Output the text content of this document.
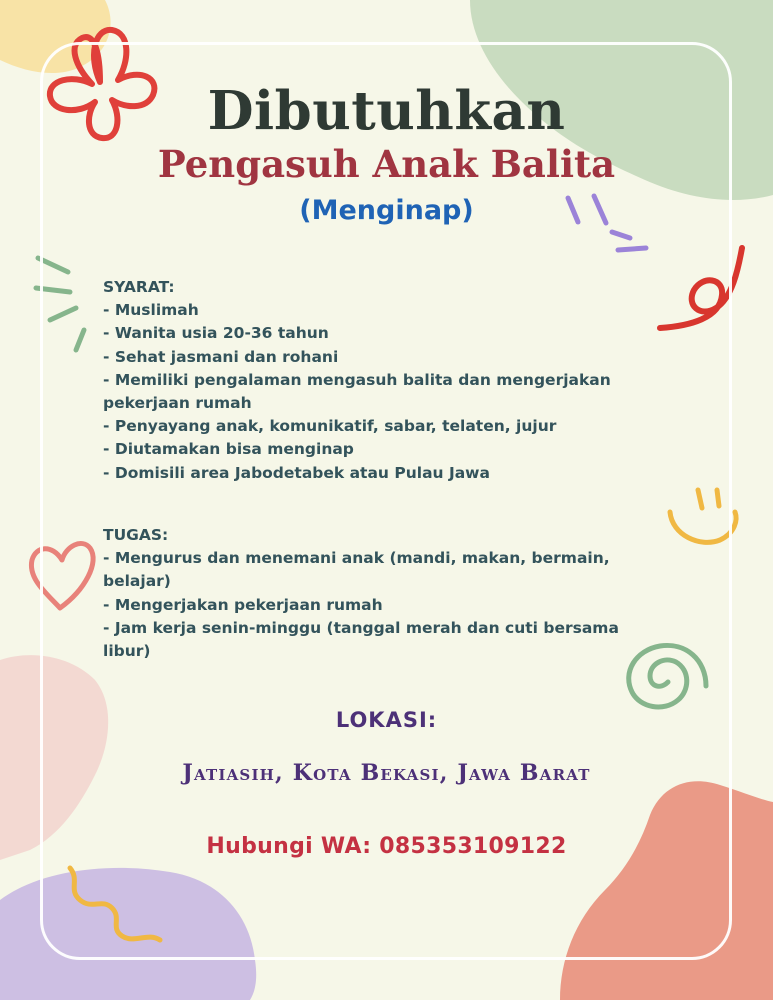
Dibutuhkan
Pengasuh Anak Balita
(Menginap)
SYARAT:
- Muslimah
- Wanita usia 20-36 tahun
- Sehat jasmani dan rohani
- Memiliki pengalaman mengasuh balita dan mengerjakan pekerjaan rumah
- Penyayang anak, komunikatif, sabar, telaten, jujur
- Diutamakan bisa menginap
- Domisili area Jabodetabek atau Pulau Jawa
TUGAS:
- Mengurus dan menemani anak (mandi, makan, bermain, belajar)
- Mengerjakan pekerjaan rumah
- Jam kerja senin-minggu (tanggal merah dan cuti bersama libur)
LOKASI:
Jatiasih, Kota Bekasi, Jawa Barat
Hubungi WA: 085353109122
